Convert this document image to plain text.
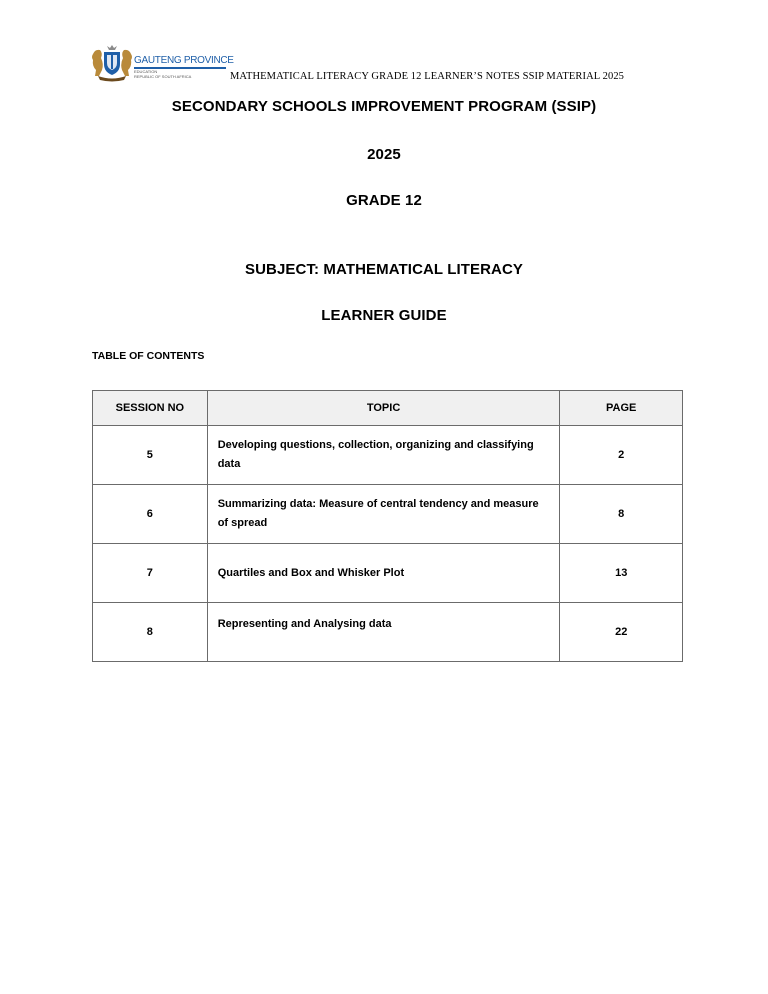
GAUTENG PROVINCE
EDUCATION
REPUBLIC OF SOUTH AFRICA	MATHEMATICAL LITERACY GRADE 12 LEARNER’S NOTES SSIP MATERIAL 2025
SECONDARY SCHOOLS IMPROVEMENT PROGRAM (SSIP)
2025
GRADE 12
SUBJECT: MATHEMATICAL LITERACY
LEARNER GUIDE
TABLE OF CONTENTS
SESSION NO	TOPIC	PAGE
5	Developing questions, collection, organizing and classifying data	2
6	Summarizing data: Measure of central tendency and measure of spread	8
7	Quartiles and Box and Whisker Plot	13
8	Representing and Analysing data	22
